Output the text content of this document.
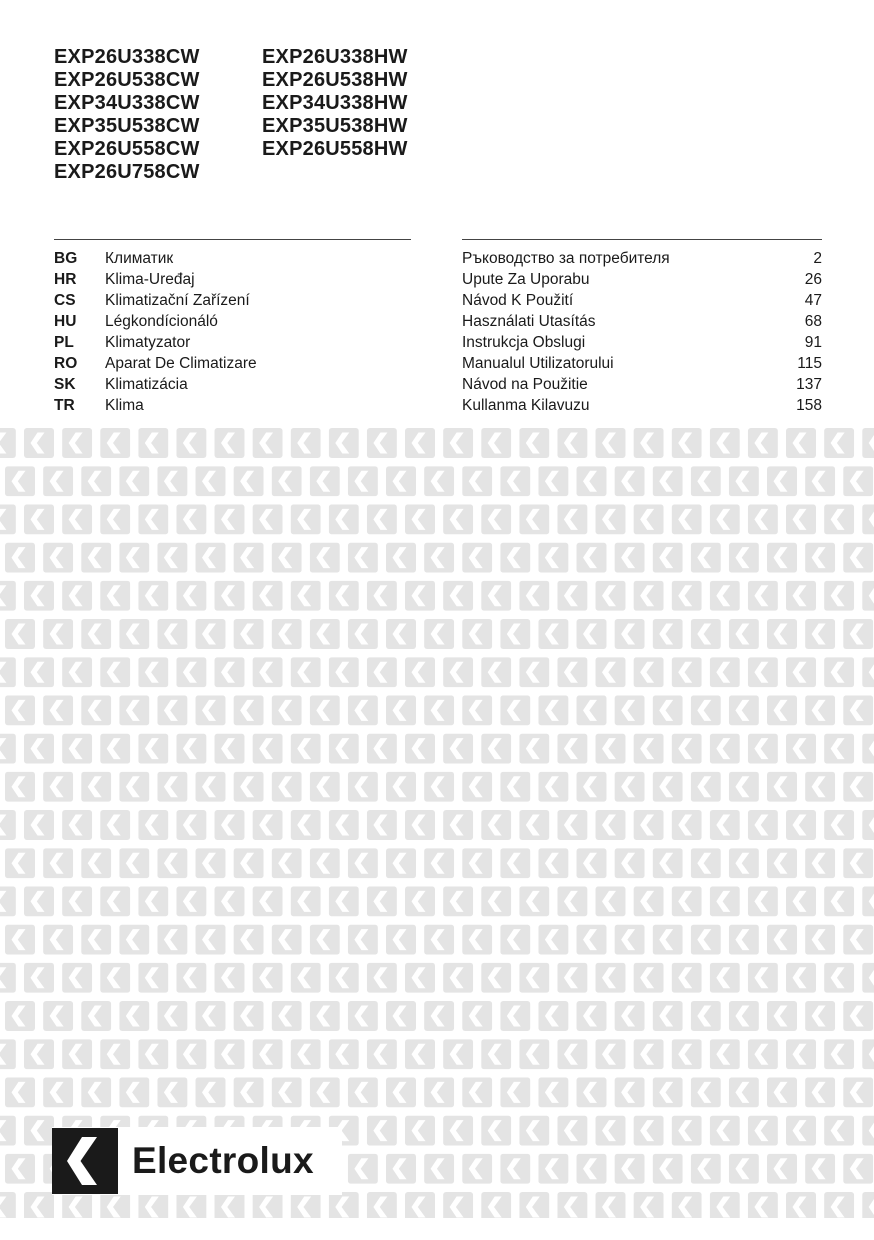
EXP26U338CW
EXP26U538CW
EXP34U338CW
EXP35U538CW
EXP26U558CW
EXP26U758CW
EXP26U338HW
EXP26U538HW
EXP34U338HW
EXP35U538HW
EXP26U558HW
BG	Климатик	Ръководство за потребителя	2
HR	Klima-Uređaj	Upute Za Uporabu	26
CS	Klimatizační Zařízení	Návod K Použití	47
HU	Légkondícionáló	Használati Utasítás	68
PL	Klimatyzator	Instrukcja Obslugi	91
RO	Aparat De Climatizare	Manualul Utilizatorului	115
SK	Klimatizácia	Návod na Použitie	137
TR	Klima	Kullanma Kilavuzu	158
Electrolux
